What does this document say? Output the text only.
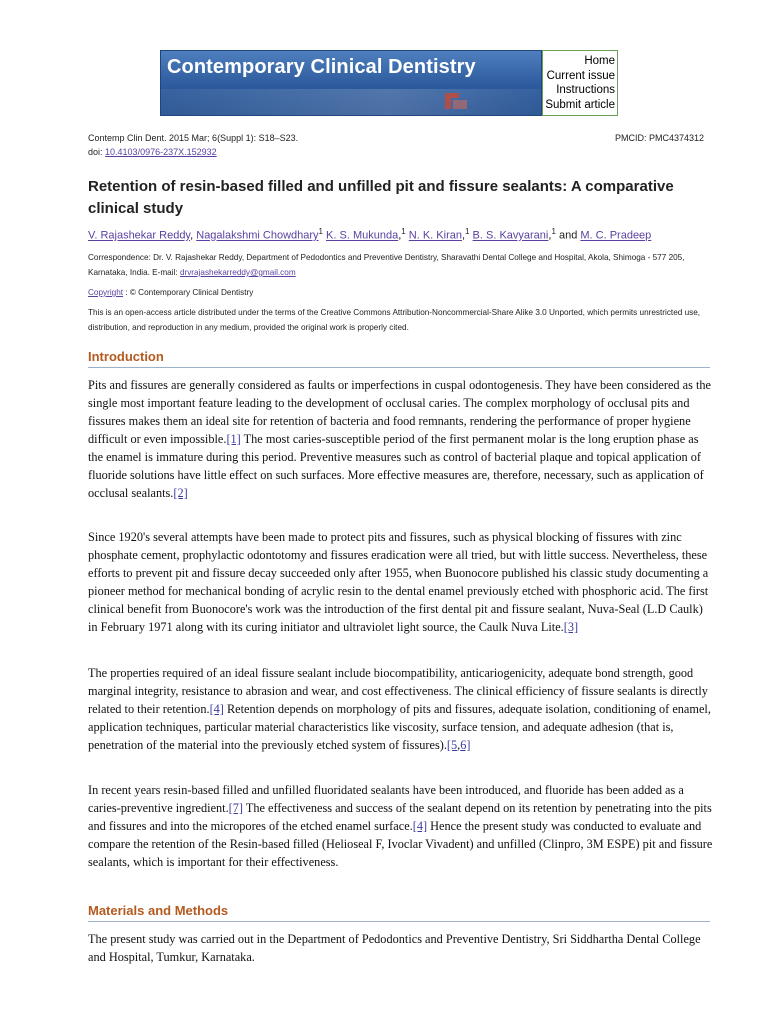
Contemporary Clinical Dentistry	Home
Current issue
Instructions
Submit article
Contemp Clin Dent. 2015 Mar; 6(Suppl 1): S18–S23.	PMCID: PMC4374312
doi: 10.4103/0976-237X.152932
Retention of resin-based filled and unfilled pit and fissure sealants: A comparative clinical study
V. Rajashekar Reddy, Nagalakshmi Chowdhary$^1$ K. S. Mukunda,$^1$ N. K. Kiran,$^1$ B. S. Kavyarani,$^1$ and M. C. Pradeep
Correspondence: Dr. V. Rajashekar Reddy, Department of Pedodontics and Preventive Dentistry, Sharavathi Dental College and Hospital, Akola, Shimoga - 577 205, Karnataka, India. E-mail: drvrajashekarreddy@gmail.com
Copyright : © Contemporary Clinical Dentistry
This is an open-access article distributed under the terms of the Creative Commons Attribution-Noncommercial-Share Alike 3.0 Unported, which permits unrestricted use, distribution, and reproduction in any medium, provided the original work is properly cited.
Introduction

Pits and fissures are generally considered as faults or imperfections in cuspal odontogenesis. They have been considered as the single most important feature leading to the development of occlusal caries. The complex morphology of occlusal pits and fissures makes them an ideal site for retention of bacteria and food remnants, rendering the performance of proper hygiene difficult or even impossible.[1] The most caries-susceptible period of the first permanent molar is the long eruption phase as the enamel is immature during this period. Preventive measures such as control of bacterial plaque and topical application of fluoride solutions have little effect on such surfaces. More effective measures are, therefore, necessary, such as application of occlusal sealants.[2]

Since 1920's several attempts have been made to protect pits and fissures, such as physical blocking of fissures with zinc phosphate cement, prophylactic odontotomy and fissures eradication were all tried, but with little success. Nevertheless, these efforts to prevent pit and fissure decay succeeded only after 1955, when Buonocore published his classic study documenting a pioneer method for mechanical bonding of acrylic resin to the dental enamel previously etched with phosphoric acid. The first clinical benefit from Buonocore's work was the introduction of the first dental pit and fissure sealant, Nuva-Seal (L.D Caulk) in February 1971 along with its curing initiator and ultraviolet light source, the Caulk Nuva Lite.[3]

The properties required of an ideal fissure sealant include biocompatibility, anticariogenicity, adequate bond strength, good marginal integrity, resistance to abrasion and wear, and cost effectiveness. The clinical efficiency of fissure sealants is directly related to their retention.[4] Retention depends on morphology of pits and fissures, adequate isolation, conditioning of enamel, application techniques, particular material characteristics like viscosity, surface tension, and adequate adhesion (that is, penetration of the material into the previously etched system of fissures).[5,6]

In recent years resin-based filled and unfilled fluoridated sealants have been introduced, and fluoride has been added as a caries-preventive ingredient.[7] The effectiveness and success of the sealant depend on its retention by penetrating into the pits and fissures and into the micropores of the etched enamel surface.[4] Hence the present study was conducted to evaluate and compare the retention of the Resin-based filled (Helioseal F, Ivoclar Vivadent) and unfilled (Clinpro, 3M ESPE) pit and fissure sealants, which is important for their effectiveness.

Materials and Methods

The present study was carried out in the Department of Pedodontics and Preventive Dentistry, Sri Siddhartha Dental College and Hospital, Tumkur, Karnataka.
